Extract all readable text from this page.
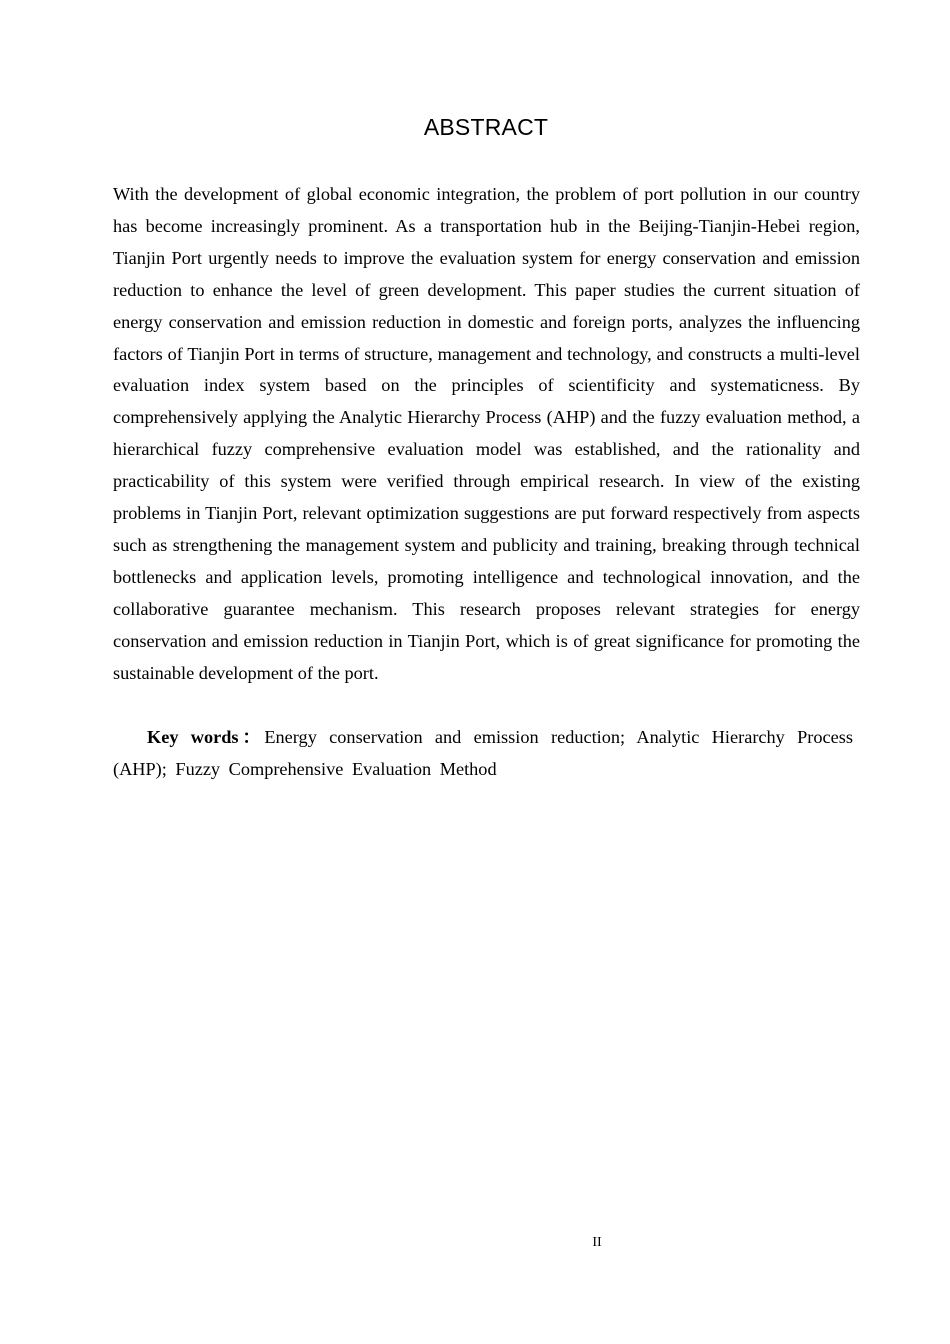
ABSTRACT

With the development of global economic integration, the problem of port pollution in our country has become increasingly prominent. As a transportation hub in the Beijing-Tianjin-Hebei region, Tianjin Port urgently needs to improve the evaluation system for energy conservation and emission reduction to enhance the level of green development. This paper studies the current situation of energy conservation and emission reduction in domestic and foreign ports, analyzes the influencing factors of Tianjin Port in terms of structure, management and technology, and constructs a multi-level evaluation index system based on the principles of scientificity and systematicness. By comprehensively applying the Analytic Hierarchy Process (AHP) and the fuzzy evaluation method, a hierarchical fuzzy comprehensive evaluation model was established, and the rationality and practicability of this system were verified through empirical research. In view of the existing problems in Tianjin Port, relevant optimization suggestions are put forward respectively from aspects such as strengthening the management system and publicity and training, breaking through technical bottlenecks and application levels, promoting intelligence and technological innovation, and the collaborative guarantee mechanism. This research proposes relevant strategies for energy conservation and emission reduction in Tianjin Port, which is of great significance for promoting the sustainable development of the port.

Key words：Energy conservation and emission reduction; Analytic Hierarchy Process (AHP); Fuzzy Comprehensive Evaluation Method

II
